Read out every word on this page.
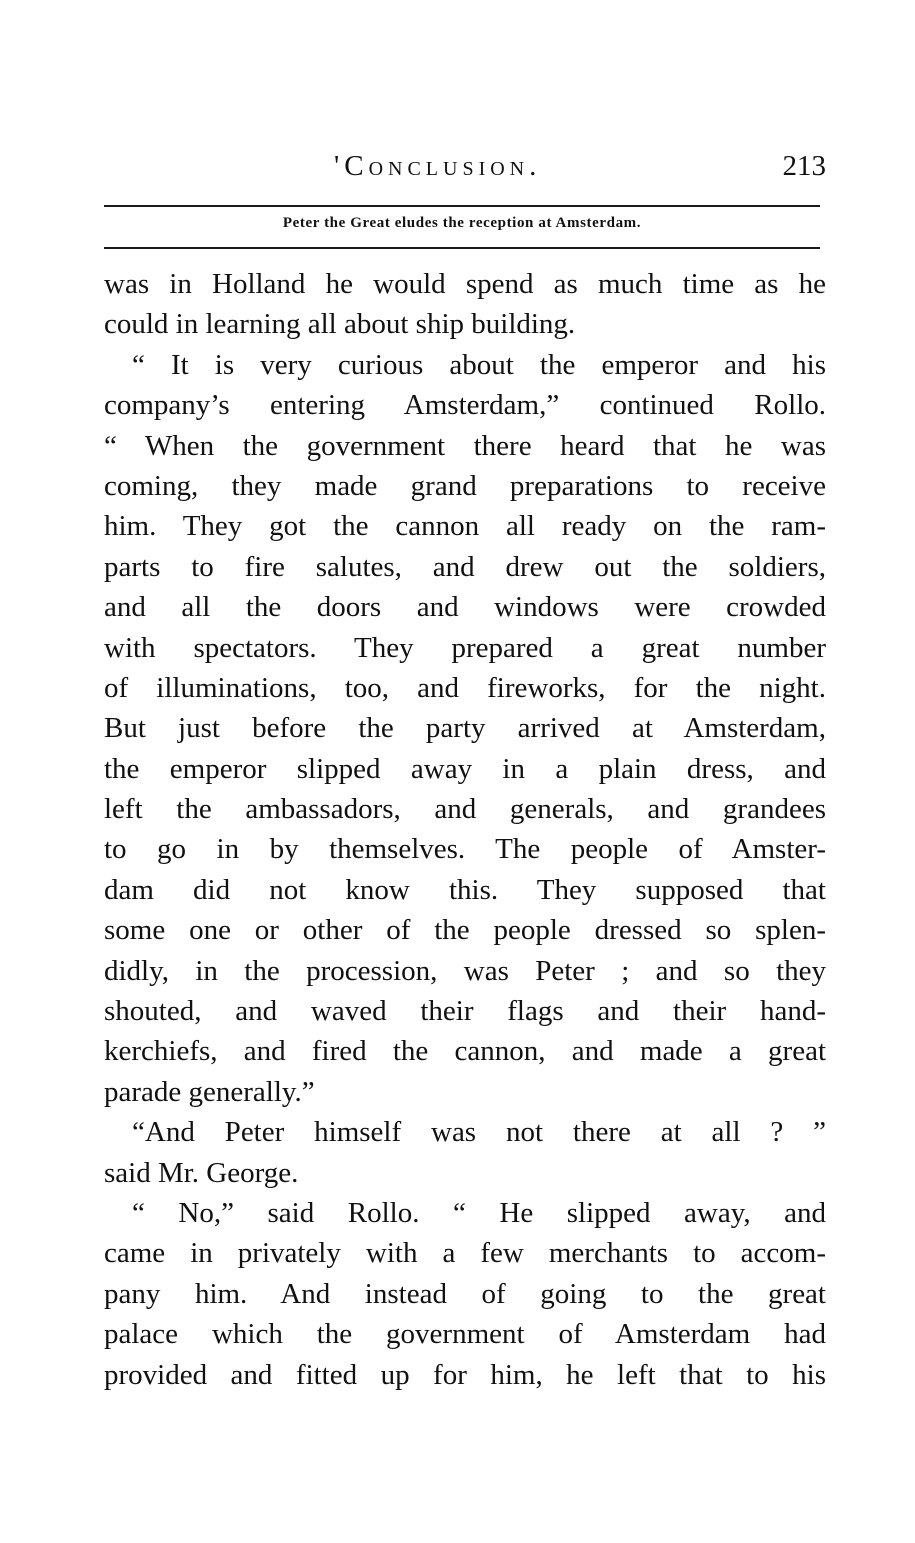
'Conclusion.	213
Peter the Great eludes the reception at Amsterdam.
was in Holland he would spend as much time as he
could in learning all about ship building.
“ It is very curious about the emperor and his
company’s entering Amsterdam,” continued Rollo.
“ When the government there heard that he was
coming, they made grand preparations to receive
him. They got the cannon all ready on the ram-
parts to fire salutes, and drew out the soldiers,
and all the doors and windows were crowded
with spectators. They prepared a great number
of illuminations, too, and fireworks, for the night.
But just before the party arrived at Amsterdam,
the emperor slipped away in a plain dress, and
left the ambassadors, and generals, and grandees
to go in by themselves. The people of Amster-
dam did not know this. They supposed that
some one or other of the people dressed so splen-
didly, in the procession, was Peter ; and so they
shouted, and waved their flags and their hand-
kerchiefs, and fired the cannon, and made a great
parade generally.”
“And Peter himself was not there at all ? ”
said Mr. George.
“ No,” said Rollo. “ He slipped away, and
came in privately with a few merchants to accom-
pany him. And instead of going to the great
palace which the government of Amsterdam had
provided and fitted up for him, he left that to his
